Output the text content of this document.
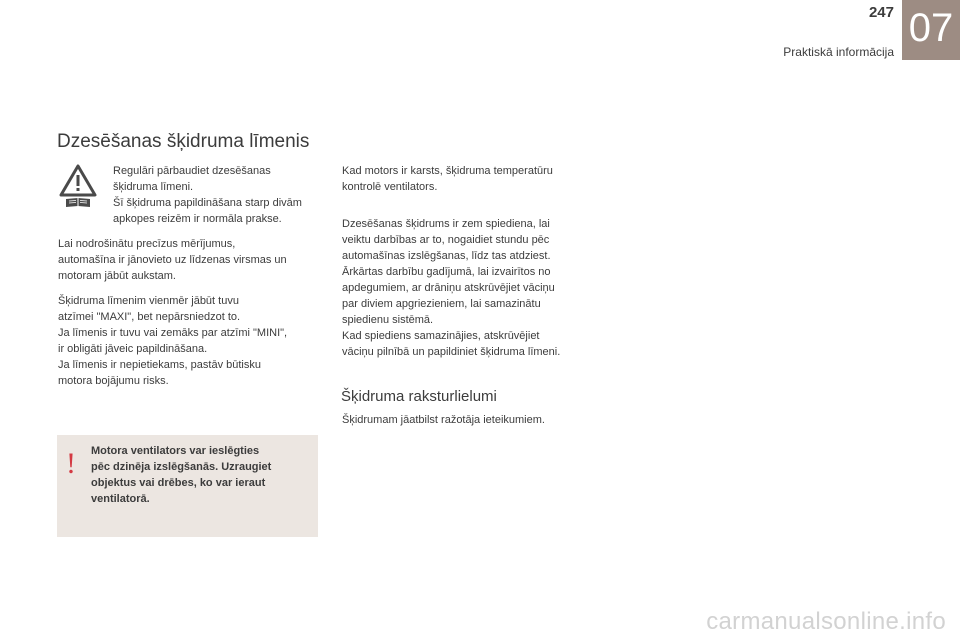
247
Praktiskā informācija
07
Dzesēšanas šķidruma līmenis

Regulāri pārbaudiet dzesēšanas

šķidruma līmeni.

Šī šķidruma papildināšana starp divām

apkopes reizēm ir normāla prakse.

Lai nodrošinātu precīzus mērījumus,

automašīna ir jānovieto uz līdzenas virsmas un

motoram jābūt aukstam.

Šķidruma līmenim vienmēr jābūt tuvu

atzīmei "MAXI", bet nepārsniedzot to.

Ja līmenis ir tuvu vai zemāks par atzīmi "MINI",

ir obligāti jāveic papildināšana.

Ja līmenis ir nepietiekams, pastāv būtisku

motora bojājumu risks.

! Motora ventilators var ieslēgties
pēc dzinēja izslēgšanās. Uzraugiet
objektus vai drēbes, ko var ieraut
ventilatorā.

Kad motors ir karsts, šķidruma temperatūru

kontrolē ventilators.

Dzesēšanas šķidrums ir zem spiediena, lai

veiktu darbības ar to, nogaidiet stundu pēc

automašīnas izslēgšanas, līdz tas atdziest.

Ārkārtas darbību gadījumā, lai izvairītos no

apdegumiem, ar drāniņu atskrūvējiet vāciņu

par diviem apgriezieniem, lai samazinātu

spiedienu sistēmā.

Kad spiediens samazinājies, atskrūvējiet

vāciņu pilnībā un papildiniet šķidruma līmeni.

Šķidruma raksturlielumi

Šķidrumam jāatbilst ražotāja ieteikumiem.

carmanualsonline.info
